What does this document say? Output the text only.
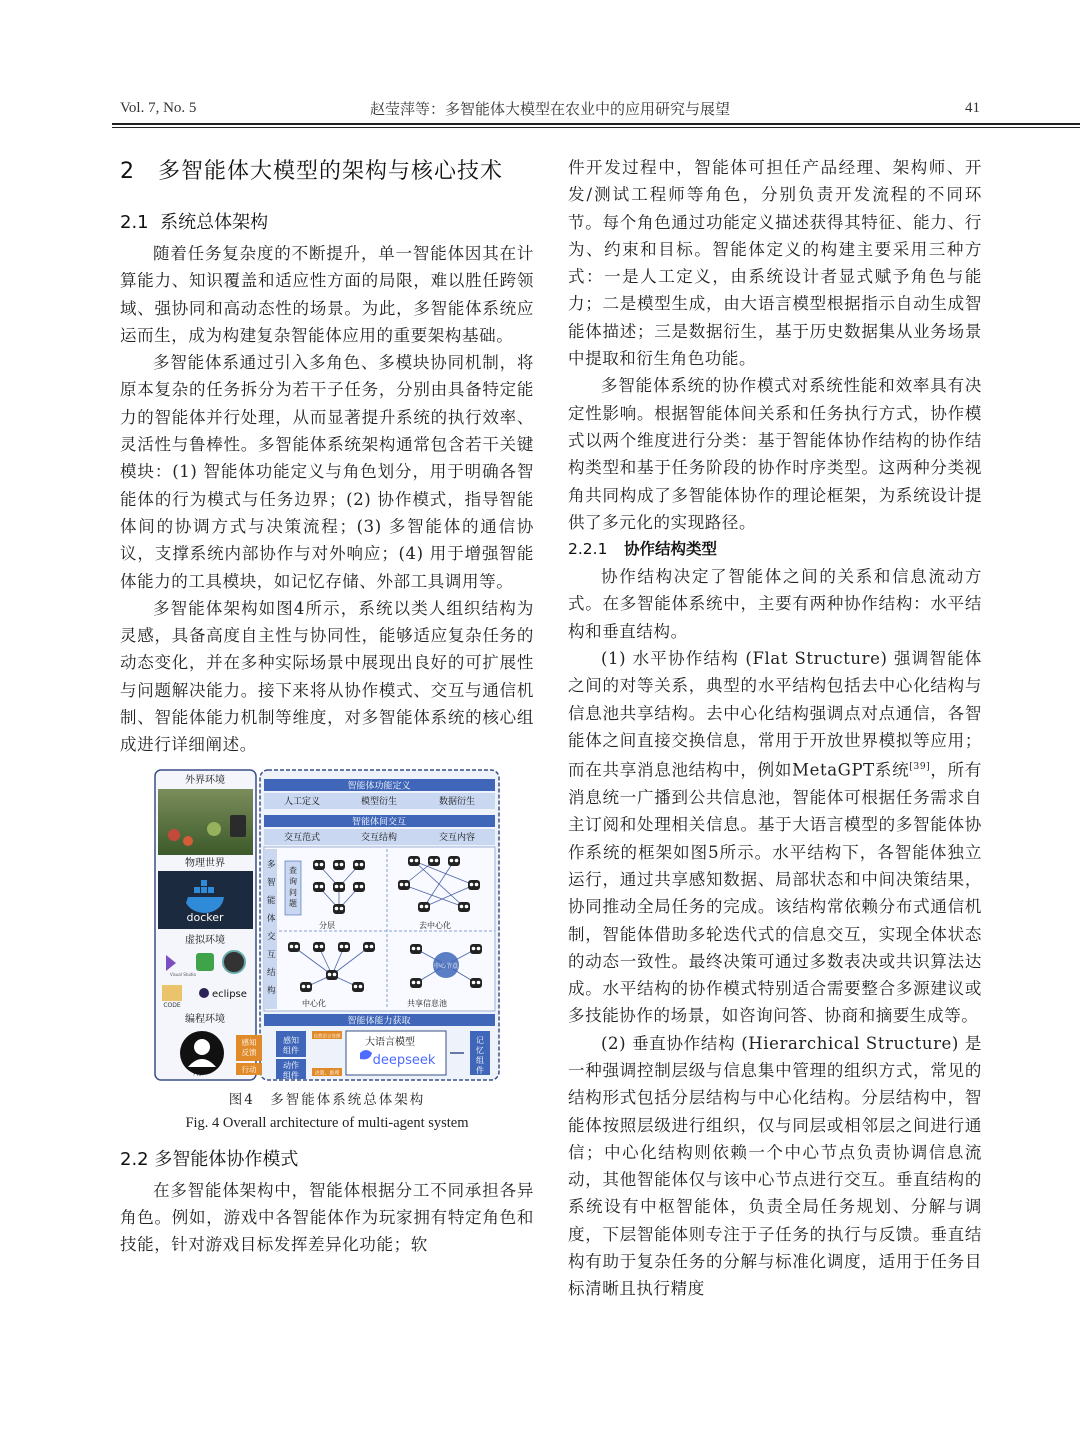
Vol. 7, No. 5	赵莹萍等：多智能体大模型在农业中的应用研究与展望	41
2 多智能体大模型的架构与核心技术
2.1 系统总体架构

随着任务复杂度的不断提升，单一智能体因其在计算能力、知识覆盖和适应性方面的局限，难以胜任跨领域、强协同和高动态性的场景。为此，多智能体系统应运而生，成为构建复杂智能体应用的重要架构基础。

多智能体系通过引入多角色、多模块协同机制，将原本复杂的任务拆分为若干子任务，分别由具备特定能力的智能体并行处理，从而显著提升系统的执行效率、灵活性与鲁棒性。多智能体系统架构通常包含若干关键模块：(1) 智能体功能定义与角色划分，用于明确各智能体的行为模式与任务边界；(2) 协作模式，指导智能体间的协调方式与决策流程；(3) 多智能体的通信协议，支撑系统内部协作与对外响应；(4) 用于增强智能体能力的工具模块，如记忆存储、外部工具调用等。

多智能体架构如图4所示，系统以类人组织结构为灵感，具备高度自主性与协同性，能够适应复杂任务的动态变化，并在多种实际场景中展现出良好的可扩展性与问题解决能力。接下来将从协作模式、交互与通信机制、智能体能力机制等维度，对多智能体系统的核心组成进行详细阐述。

外界环境
物理世界
docker
虚拟环境
Visual Studio
CODE
eclipse
编程环境
用户
智能体功能定义
人工定义	模型衍生	数据衍生
智能体间交互
交互范式	交互结构	交互内容
多智能体交互结构
查询问题
分层	去中心化
中心化	共享信息池
中心节点
智能体能力获取
感知反馈
行动
感知组件
动作组件
自然语言处理
决策、推理
大语言模型
deepseek
记忆组件
图4　多智能体系统总体架构
Fig. 4 Overall architecture of multi-agent system
2.2 多智能体协作模式

在多智能体架构中，智能体根据分工不同承担各异角色。例如，游戏中各智能体作为玩家拥有特定角色和技能，针对游戏目标发挥差异化功能；软

件开发过程中，智能体可担任产品经理、架构师、开发/测试工程师等角色，分别负责开发流程的不同环节。每个角色通过功能定义描述获得其特征、能力、行为、约束和目标。智能体定义的构建主要采用三种方式：一是人工定义，由系统设计者显式赋予角色与能力；二是模型生成，由大语言模型根据指示自动生成智能体描述；三是数据衍生，基于历史数据集从业务场景中提取和衍生角色功能。

多智能体系统的协作模式对系统性能和效率具有决定性影响。根据智能体间关系和任务执行方式，协作模式以两个维度进行分类：基于智能体协作结构的协作结构类型和基于任务阶段的协作时序类型。这两种分类视角共同构成了多智能体协作的理论框架，为系统设计提供了多元化的实现路径。

2.2.1 协作结构类型

协作结构决定了智能体之间的关系和信息流动方式。在多智能体系统中，主要有两种协作结构：水平结构和垂直结构。

(1) 水平协作结构 (Flat Structure) 强调智能体之间的对等关系，典型的水平结构包括去中心化结构与信息池共享结构。去中心化结构强调点对点通信，各智能体之间直接交换信息，常用于开放世界模拟等应用；而在共享消息池结构中，例如MetaGPT系统[39]，所有消息统一广播到公共信息池，智能体可根据任务需求自主订阅和处理相关信息。基于大语言模型的多智能体协作系统的框架如图5所示。水平结构下，各智能体独立运行，通过共享感知数据、局部状态和中间决策结果，协同推动全局任务的完成。该结构常依赖分布式通信机制，智能体借助多轮迭代式的信息交互，实现全体状态的动态一致性。最终决策可通过多数表决或共识算法达成。水平结构的协作模式特别适合需要整合多源建议或多技能协作的场景，如咨询问答、协商和摘要生成等。

(2) 垂直协作结构 (Hierarchical Structure) 是一种强调控制层级与信息集中管理的组织方式，常见的结构形式包括分层结构与中心化结构。分层结构中，智能体按照层级进行组织，仅与同层或相邻层之间进行通信；中心化结构则依赖一个中心节点负责协调信息流动，其他智能体仅与该中心节点进行交互。垂直结构的系统设有中枢智能体，负责全局任务规划、分解与调度，下层智能体则专注于子任务的执行与反馈。垂直结构有助于复杂任务的分解与标准化调度，适用于任务目标清晰且执行精度
